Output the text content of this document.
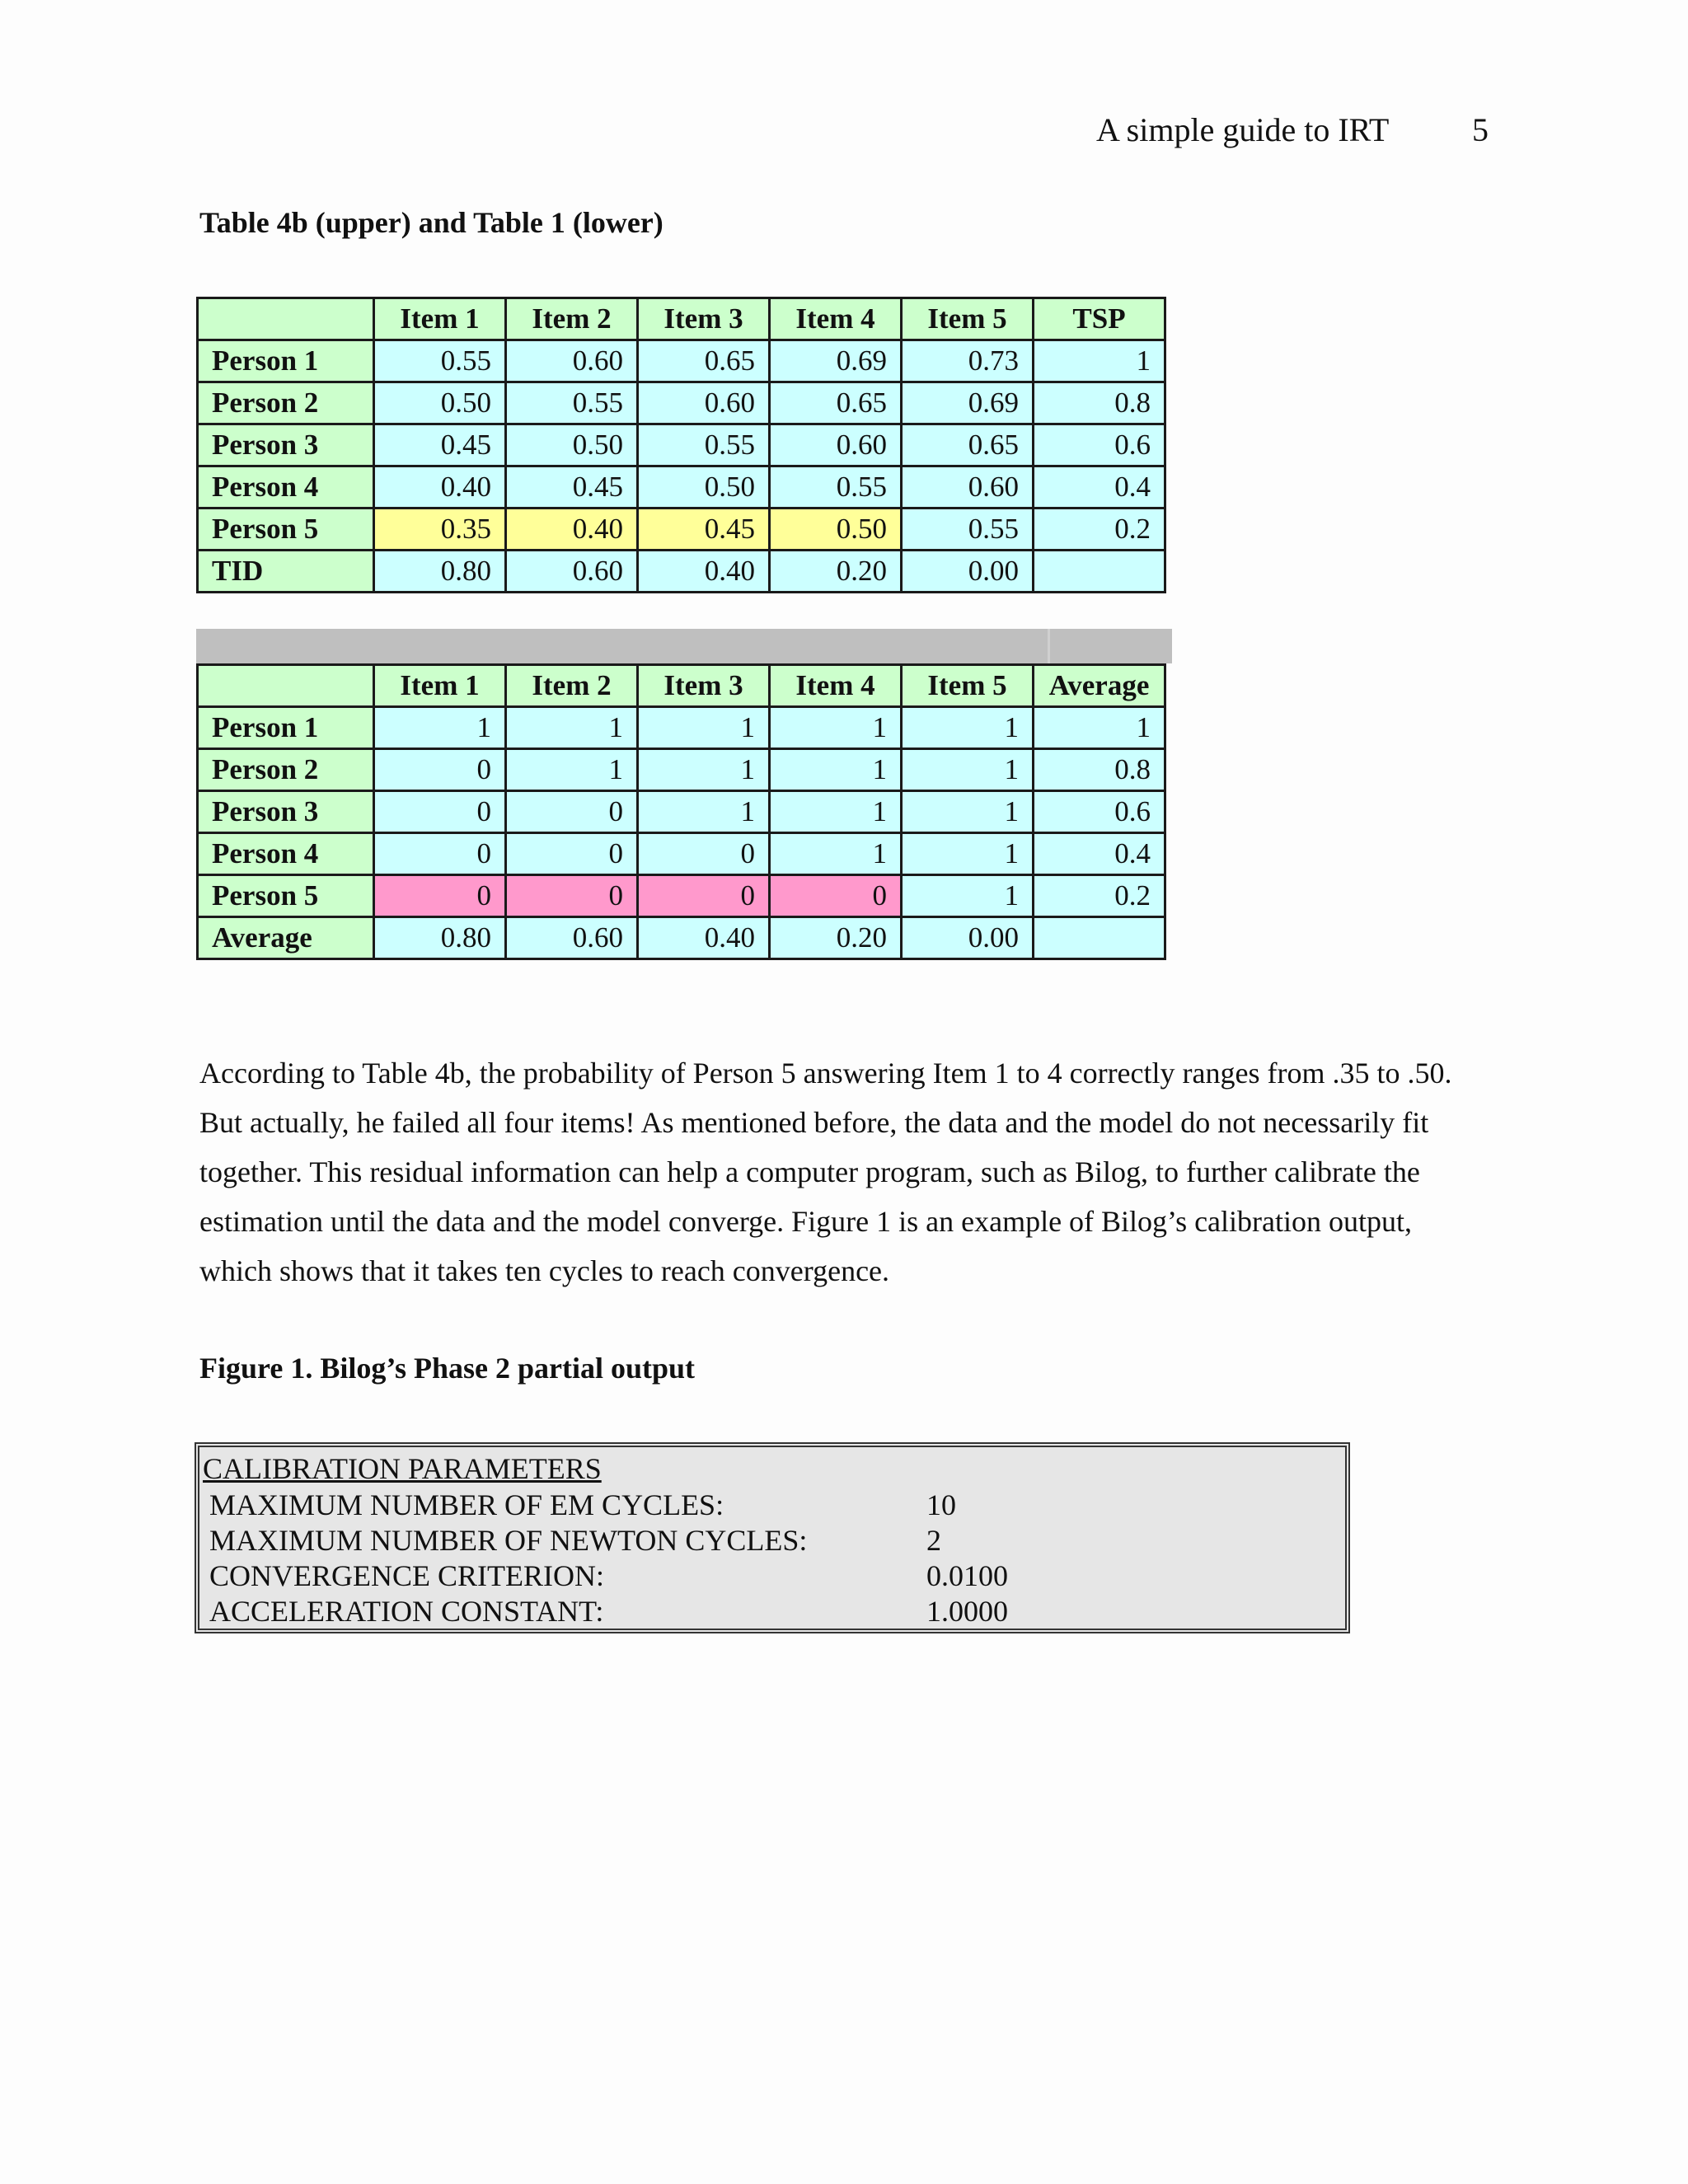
A simple guide to IRT	5
Table 4b (upper) and Table 1 (lower)
	Item 1	Item 2	Item 3	Item 4	Item 5	TSP
Person 1	0.55	0.60	0.65	0.69	0.73	1
Person 2	0.50	0.55	0.60	0.65	0.69	0.8
Person 3	0.45	0.50	0.55	0.60	0.65	0.6
Person 4	0.40	0.45	0.50	0.55	0.60	0.4
Person 5	0.35	0.40	0.45	0.50	0.55	0.2
TID	0.80	0.60	0.40	0.20	0.00	
	Item 1	Item 2	Item 3	Item 4	Item 5	Average
Person 1	1	1	1	1	1	1
Person 2	0	1	1	1	1	0.8
Person 3	0	0	1	1	1	0.6
Person 4	0	0	0	1	1	0.4
Person 5	0	0	0	0	1	0.2
Average	0.80	0.60	0.40	0.20	0.00	
According to Table 4b, the probability of Person 5 answering Item 1 to 4 correctly ranges from .35 to .50.
But actually, he failed all four items! As mentioned before, the data and the model do not necessarily fit
together. This residual information can help a computer program, such as Bilog, to further calibrate the
estimation until the data and the model converge. Figure 1 is an example of Bilog’s calibration output,
which shows that it takes ten cycles to reach convergence.
Figure 1. Bilog’s Phase 2 partial output
CALIBRATION PARAMETERS
MAXIMUM NUMBER OF EM CYCLES:	10
MAXIMUM NUMBER OF NEWTON CYCLES:	2
CONVERGENCE CRITERION:	0.0100
ACCELERATION CONSTANT:	1.0000
